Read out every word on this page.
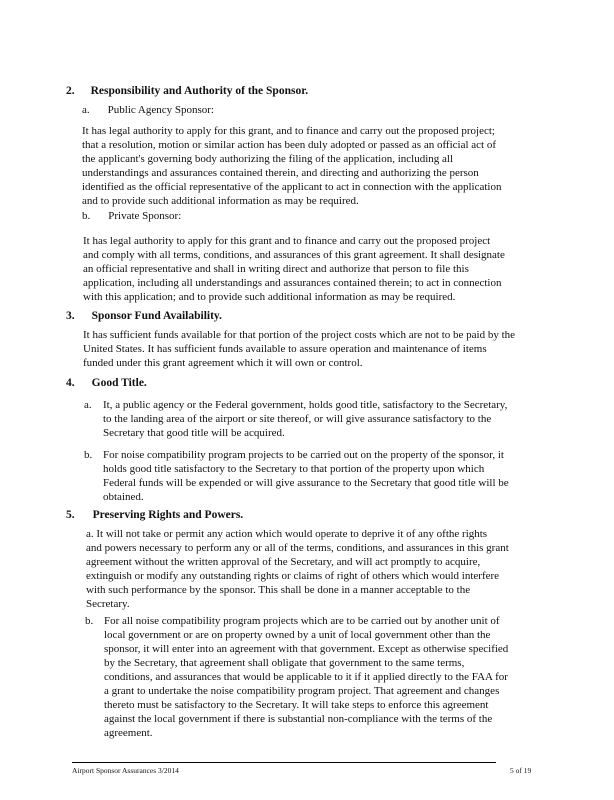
2. Responsibility and Authority of the Sponsor.
a. Public Agency Sponsor:
It has legal authority to apply for this grant, and to finance and carry out the proposed project;
that a resolution, motion or similar action has been duly adopted or passed as an official act of
the applicant's governing body authorizing the filing of the application, including all
understandings and assurances contained therein, and directing and authorizing the person
identified as the official representative of the applicant to act in connection with the application
and to provide such additional information as may be required.
b. Private Sponsor:
It has legal authority to apply for this grant and to finance and carry out the proposed project
and comply with all terms, conditions, and assurances of this grant agreement. It shall designate
an official representative and shall in writing direct and authorize that person to file this
application, including all understandings and assurances contained therein; to act in connection
with this application; and to provide such additional information as may be required.
3. Sponsor Fund Availability.
It has sufficient funds available for that portion of the project costs which are not to be paid by the
United States. It has sufficient funds available to assure operation and maintenance of items
funded under this grant agreement which it will own or control.
4. Good Title.
a. It, a public agency or the Federal government, holds good title, satisfactory to the Secretary,
to the landing area of the airport or site thereof, or will give assurance satisfactory to the
Secretary that good title will be acquired.
b. For noise compatibility program projects to be carried out on the property of the sponsor, it
holds good title satisfactory to the Secretary to that portion of the property upon which
Federal funds will be expended or will give assurance to the Secretary that good title will be
obtained.
5. Preserving Rights and Powers.
a. It will not take or permit any action which would operate to deprive it of any ofthe rights
and powers necessary to perform any or all of the terms, conditions, and assurances in this grant
agreement without the written approval of the Secretary, and will act promptly to acquire,
extinguish or modify any outstanding rights or claims of right of others which would interfere
with such performance by the sponsor. This shall be done in a manner acceptable to the
Secretary.
b. For all noise compatibility program projects which are to be carried out by another unit of
local government or are on property owned by a unit of local government other than the
sponsor, it will enter into an agreement with that government. Except as otherwise specified
by the Secretary, that agreement shall obligate that government to the same terms,
conditions, and assurances that would be applicable to it if it applied directly to the FAA for
a grant to undertake the noise compatibility program project. That agreement and changes
thereto must be satisfactory to the Secretary. It will take steps to enforce this agreement
against the local government if there is substantial non-compliance with the terms of the
agreement.
Airport Sponsor Assurances 3/2014	5 of 19
